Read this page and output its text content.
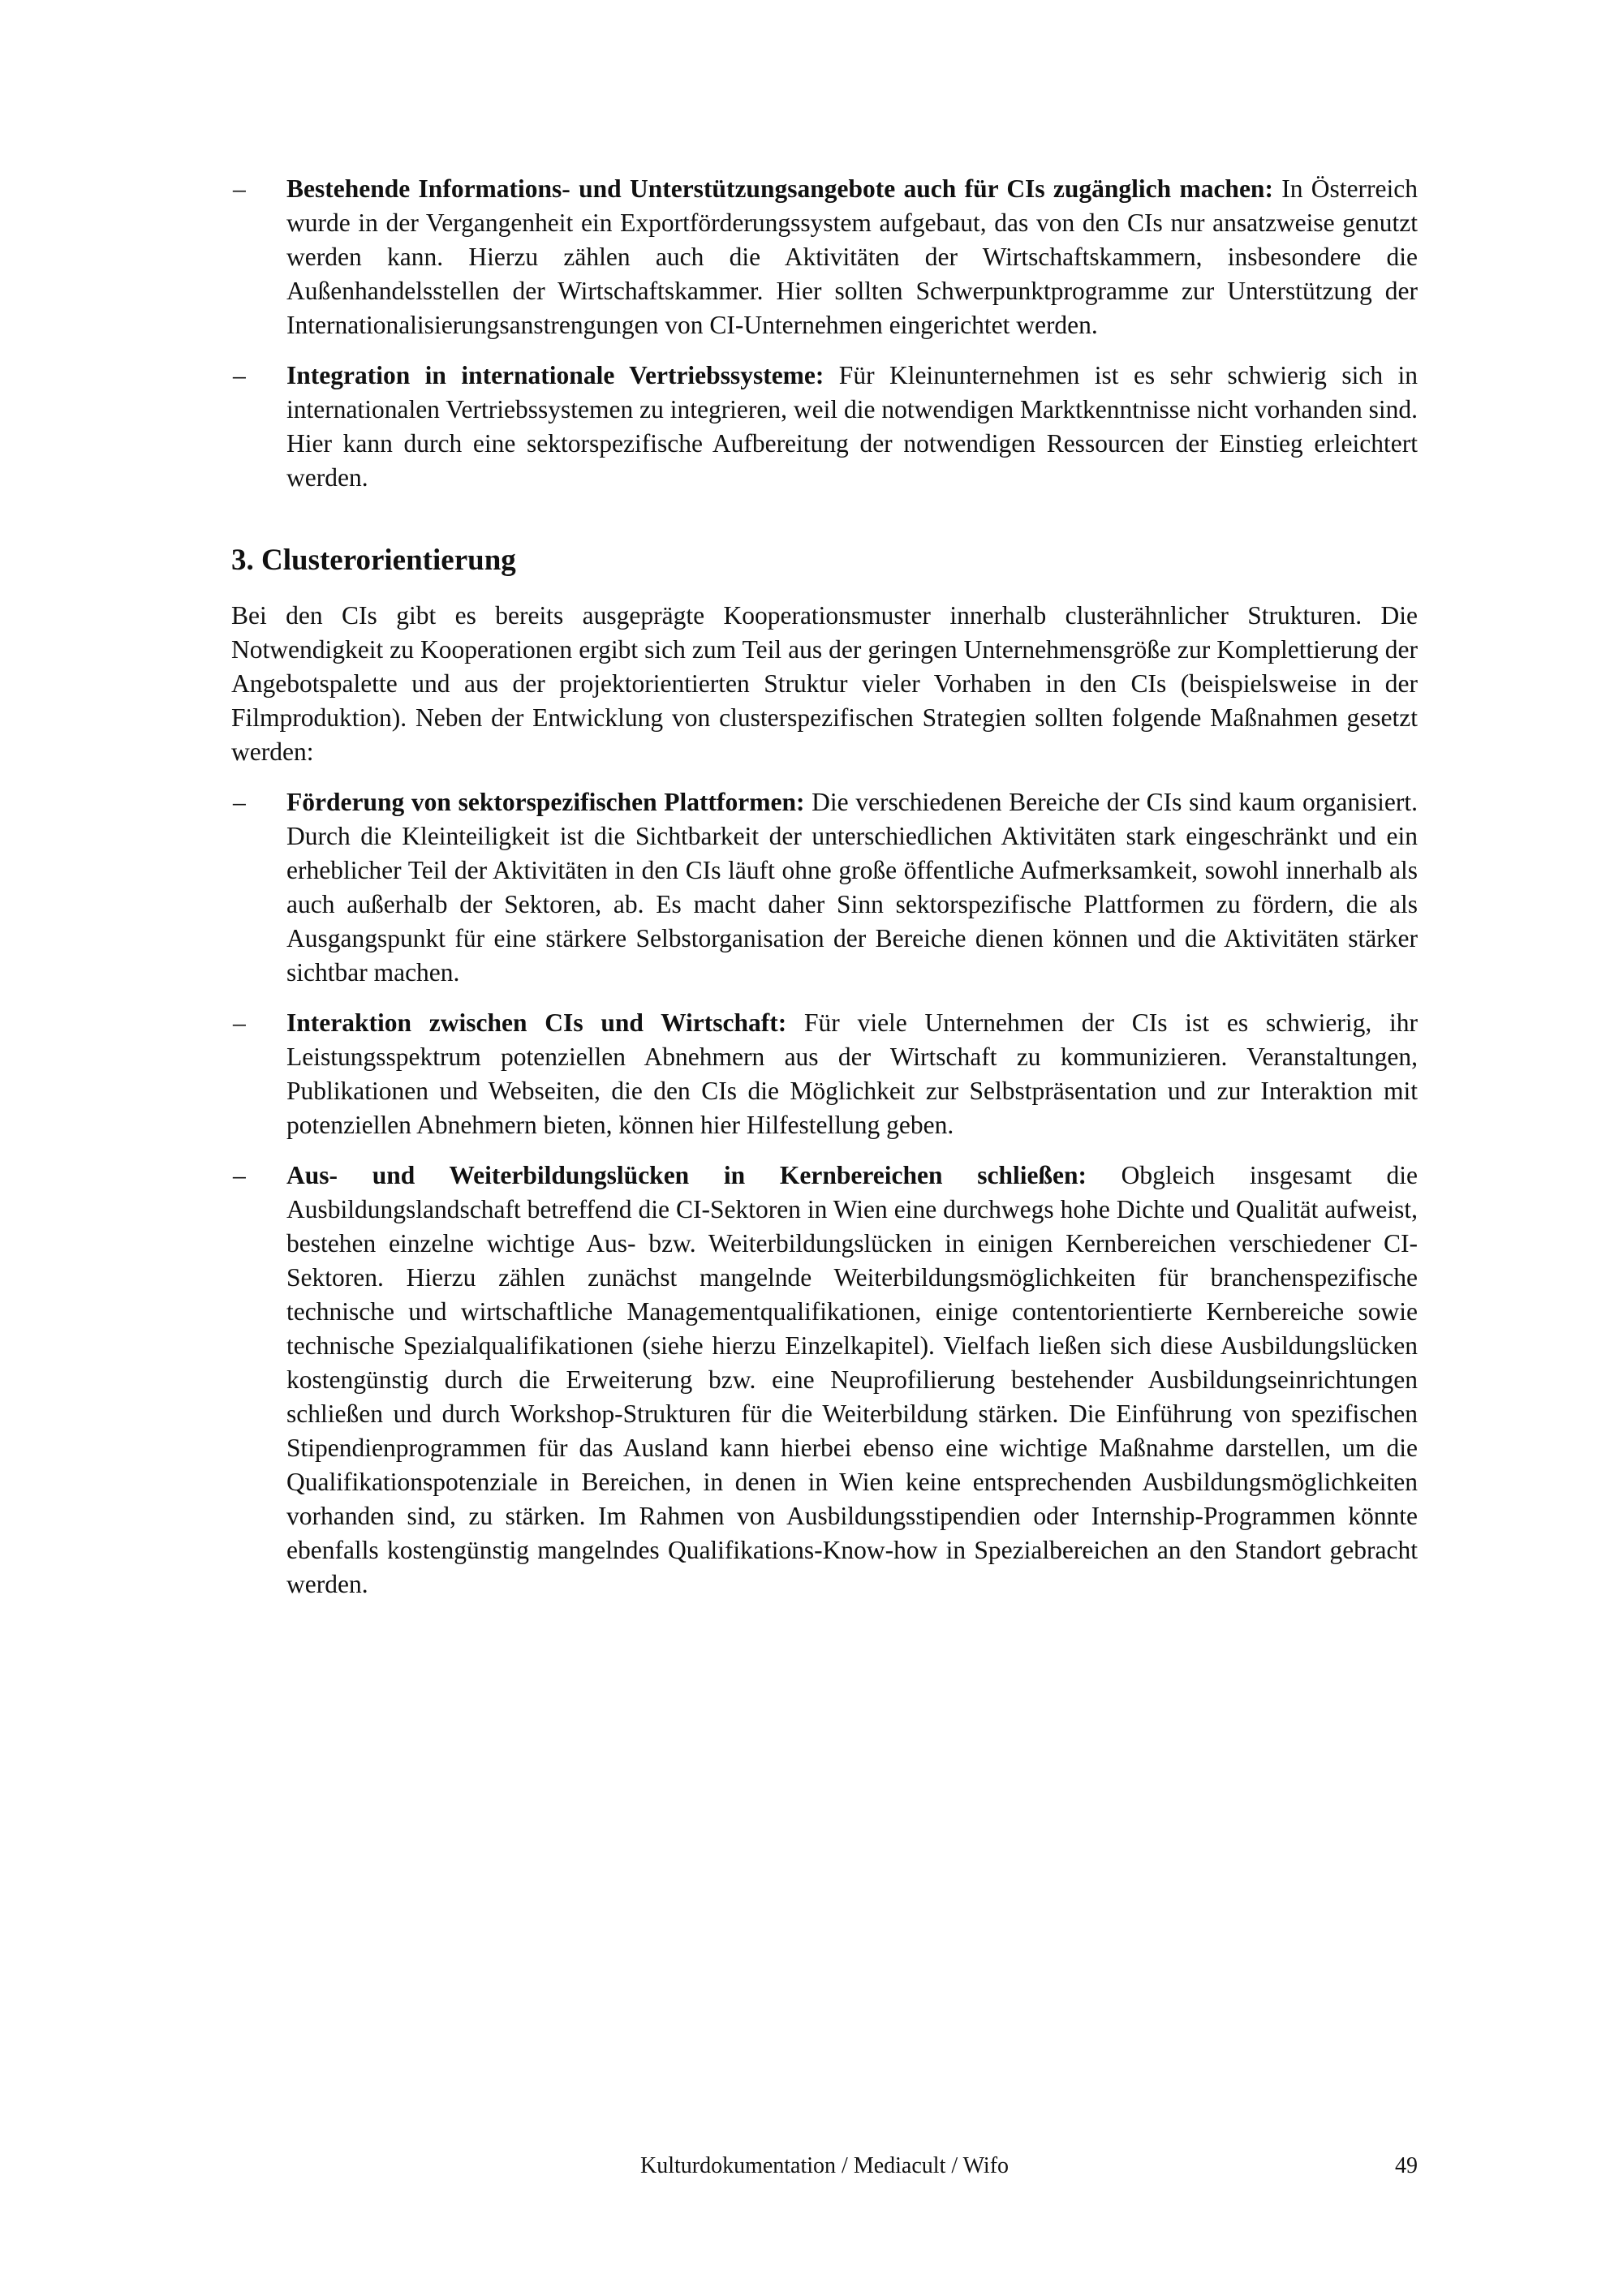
–	Bestehende Informations- und Unterstützungsangebote auch für CIs zugänglich machen: In Österreich wurde in der Vergangenheit ein Exportförderungssystem aufgebaut, das von den CIs nur ansatzweise genutzt werden kann. Hierzu zählen auch die Aktivitäten der Wirtschaftskammern, insbesondere die Außenhandelsstellen der Wirtschaftskammer. Hier sollten Schwerpunktprogramme zur Unterstützung der Internationalisierungsanstrengungen von CI-Unternehmen eingerichtet werden.
–	Integration in internationale Vertriebssysteme: Für Kleinunternehmen ist es sehr schwierig sich in internationalen Vertriebssystemen zu integrieren, weil die notwendigen Marktkenntnisse nicht vorhanden sind. Hier kann durch eine sektorspezifische Aufbereitung der notwendigen Ressourcen der Einstieg erleichtert werden.
3. Clusterorientierung

Bei den CIs gibt es bereits ausgeprägte Kooperationsmuster innerhalb clusterähnlicher Strukturen. Die Notwendigkeit zu Kooperationen ergibt sich zum Teil aus der geringen Unternehmensgröße zur Komplettierung der Angebotspalette und aus der projektorientierten Struktur vieler Vorhaben in den CIs (beispielsweise in der Filmproduktion). Neben der Entwicklung von clusterspezifischen Strategien sollten folgende Maßnahmen gesetzt werden:

–	Förderung von sektorspezifischen Plattformen: Die verschiedenen Bereiche der CIs sind kaum organisiert. Durch die Kleinteiligkeit ist die Sichtbarkeit der unterschiedlichen Aktivitäten stark eingeschränkt und ein erheblicher Teil der Aktivitäten in den CIs läuft ohne große öffentliche Aufmerksamkeit, sowohl innerhalb als auch außerhalb der Sektoren, ab. Es macht daher Sinn sektorspezifische Plattformen zu fördern, die als Ausgangspunkt für eine stärkere Selbstorganisation der Bereiche dienen können und die Aktivitäten stärker sichtbar machen.
–	Interaktion zwischen CIs und Wirtschaft: Für viele Unternehmen der CIs ist es schwierig, ihr Leistungsspektrum potenziellen Abnehmern aus der Wirtschaft zu kommunizieren. Veranstaltungen, Publikationen und Webseiten, die den CIs die Möglichkeit zur Selbstpräsentation und zur Interaktion mit potenziellen Abnehmern bieten, können hier Hilfestellung geben.
–	Aus- und Weiterbildungslücken in Kernbereichen schließen: Obgleich insgesamt die Ausbildungslandschaft betreffend die CI-Sektoren in Wien eine durchwegs hohe Dichte und Qualität aufweist, bestehen einzelne wichtige Aus- bzw. Weiterbildungslücken in einigen Kernbereichen verschiedener CI-Sektoren. Hierzu zählen zunächst mangelnde Weiterbildungsmöglichkeiten für branchenspezifische technische und wirtschaftliche Managementqualifikationen, einige contentorientierte Kernbereiche sowie technische Spezialqualifikationen (siehe hierzu Einzelkapitel). Vielfach ließen sich diese Ausbildungslücken kostengünstig durch die Erweiterung bzw. eine Neuprofilierung bestehender Ausbildungseinrichtungen schließen und durch Workshop-Strukturen für die Weiterbildung stärken. Die Einführung von spezifischen Stipendienprogrammen für das Ausland kann hierbei ebenso eine wichtige Maßnahme darstellen, um die Qualifikationspotenziale in Bereichen, in denen in Wien keine entsprechenden Ausbildungsmöglichkeiten vorhanden sind, zu stärken. Im Rahmen von Ausbildungsstipendien oder Internship-Programmen könnte ebenfalls kostengünstig mangelndes Qualifikations-Know-how in Spezialbereichen an den Standort gebracht werden.
Kulturdokumentation / Mediacult / Wifo	49
